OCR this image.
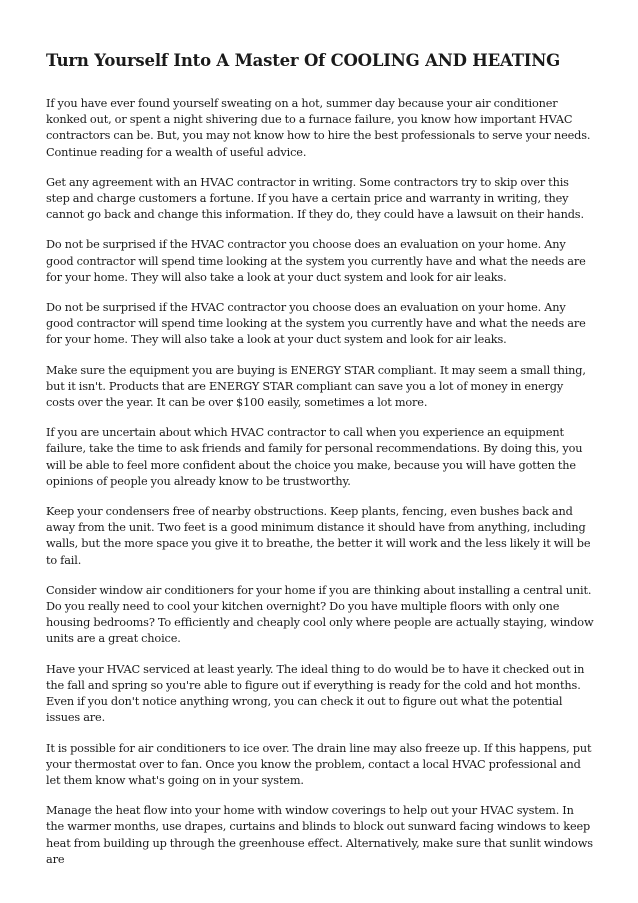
Turn Yourself Into A Master Of COOLING AND HEATING

If you have ever found yourself sweating on a hot, summer day because your air conditioner konked out, or spent a night shivering due to a furnace failure, you know how important HVAC contractors can be. But, you may not know how to hire the best professionals to serve your needs. Continue reading for a wealth of useful advice.

Get any agreement with an HVAC contractor in writing. Some contractors try to skip over this step and charge customers a fortune. If you have a certain price and warranty in writing, they cannot go back and change this information. If they do, they could have a lawsuit on their hands.

Do not be surprised if the HVAC contractor you choose does an evaluation on your home. Any good contractor will spend time looking at the system you currently have and what the needs are for your home. They will also take a look at your duct system and look for air leaks.

Do not be surprised if the HVAC contractor you choose does an evaluation on your home. Any good contractor will spend time looking at the system you currently have and what the needs are for your home. They will also take a look at your duct system and look for air leaks.

Make sure the equipment you are buying is ENERGY STAR compliant. It may seem a small thing, but it isn't. Products that are ENERGY STAR compliant can save you a lot of money in energy costs over the year. It can be over $100 easily, sometimes a lot more.

If you are uncertain about which HVAC contractor to call when you experience an equipment failure, take the time to ask friends and family for personal recommendations. By doing this, you will be able to feel more confident about the choice you make, because you will have gotten the opinions of people you already know to be trustworthy.

Keep your condensers free of nearby obstructions. Keep plants, fencing, even bushes back and away from the unit. Two feet is a good minimum distance it should have from anything, including walls, but the more space you give it to breathe, the better it will work and the less likely it will be to fail.

Consider window air conditioners for your home if you are thinking about installing a central unit. Do you really need to cool your kitchen overnight? Do you have multiple floors with only one housing bedrooms? To efficiently and cheaply cool only where people are actually staying, window units are a great choice.

Have your HVAC serviced at least yearly. The ideal thing to do would be to have it checked out in the fall and spring so you're able to figure out if everything is ready for the cold and hot months. Even if you don't notice anything wrong, you can check it out to figure out what the potential issues are.

It is possible for air conditioners to ice over. The drain line may also freeze up. If this happens, put your thermostat over to fan. Once you know the problem, contact a local HVAC professional and let them know what's going on in your system.

Manage the heat flow into your home with window coverings to help out your HVAC system. In the warmer months, use drapes, curtains and blinds to block out sunward facing windows to keep heat from building up through the greenhouse effect. Alternatively, make sure that sunlit windows are
